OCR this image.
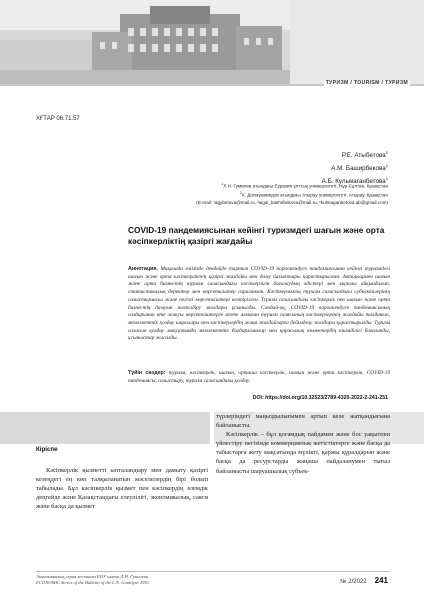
ТУРИЗМ / TOURISM / ТУРИЗМ
ХҒТАР 06.71.57
Р.Е. Атыбетова$^1$
А.М. Баширбекова$^2$
А.Б. Кульмаганбетова$^1$
$^1$Л.Н. Гумилев атындағы Еуразия ұлттық университеті, Нұр-Сұлтан, Қазақстан
$^2$Х. Досмұхамедов атындағы Атырау университеті, Атырау, Қазақстан
(E-mail: ¹agybetova@mail.ru, ²aigul_bashirbekova@mail.ru, ¹kulmaganbetova.ab@gmail.com)
COVID-19 пандемиясынан кейінгі туризмдегі шағын және орта кәсіпкерліктің қазіргі жағдайы
Аннотация. Мақалада елімізде дендейде тартып COVID-19 пароапендусе пандемиясынан кейінгі туризмдегі шағын және орта кәсіпкерліктің қазіргі жағдайы мен даму бағыттары қарастырылған. Авторлармен шағын және орта бизнестің туризм саласындағы кәсіпкерлігін бағалаудың әдістері мен ықпалы айқындалып, статистикалық деректер мен көрсеткіштер сараланған. Кәсіпкерліктің туризм саласындағы субъектілерінің салыстырмалы және негізгі көрсеткіштері келтірілген. Туризм саласындағы кәсіпкерлік пен шағын және орта бизнестің дамуын жетілдіру жолдары ұсынылды. Сондай-ақ, COVID-19 пароапендусе пандемиясының салдарынан өте жақсы көрсеткіштерге жете алмаған туризм салясының кәсіпкерлерінің жағдайы талданып, мемлекеттік қолдау шаралары мен кәсіпкерлердің жаңа жағдайларға бейімделу жолдары қарастырылды. Туризм саласын қолдау мақсатында мемлекеттік бағдарламалар мен қаржылық көмектердің тиімділігі бағаланды, ұсыныстар жасалды.
Түйін сөздер: туризм, кәсіпкерлік, шағын, орташа кәсіпкерлік, шағын және орта кәсіпкерлік, COVID-19 пандемиясы, салыстыру, туризм саласындағы қолдау.
DOI: https://doi.org/10.32523/2789-4320-2022-2-241-251
Кіріспе

Кәсіпкерлік қызметті ынталандыру мен дамыту қазіргі кезеңдегі ең көп талқыланатын мәселелердің бірі болып табылады. Бұл кәсіпкерлік қызмет пен кәсіпкердің әлемдік деңгейде және Қазақстандағы елеулілігі, экономикалық, саяси және басқа да қызмет

түрлеріндегі маңыздылығымен артып келе жатқандығына байланысты.

Кәсіпкерлік – бұл қоғамдық пайдамен және бос уақытпен үйлестіру негізінде коммерциялық жетістіктерге және басқа да табыстарға жету мақсатында мүлікті, қаржы құралдарын және басқа да ресурстарды жаңаша пайдаланумен тығыз байланысты шаруашылық субъек-

Экономикалық серия вестника ЕНУ имени Л.Н. Гумилева
ECONOMIC Series of the Bulletin of the L.N. Gumilyov ENU	№ 2/2022 241
